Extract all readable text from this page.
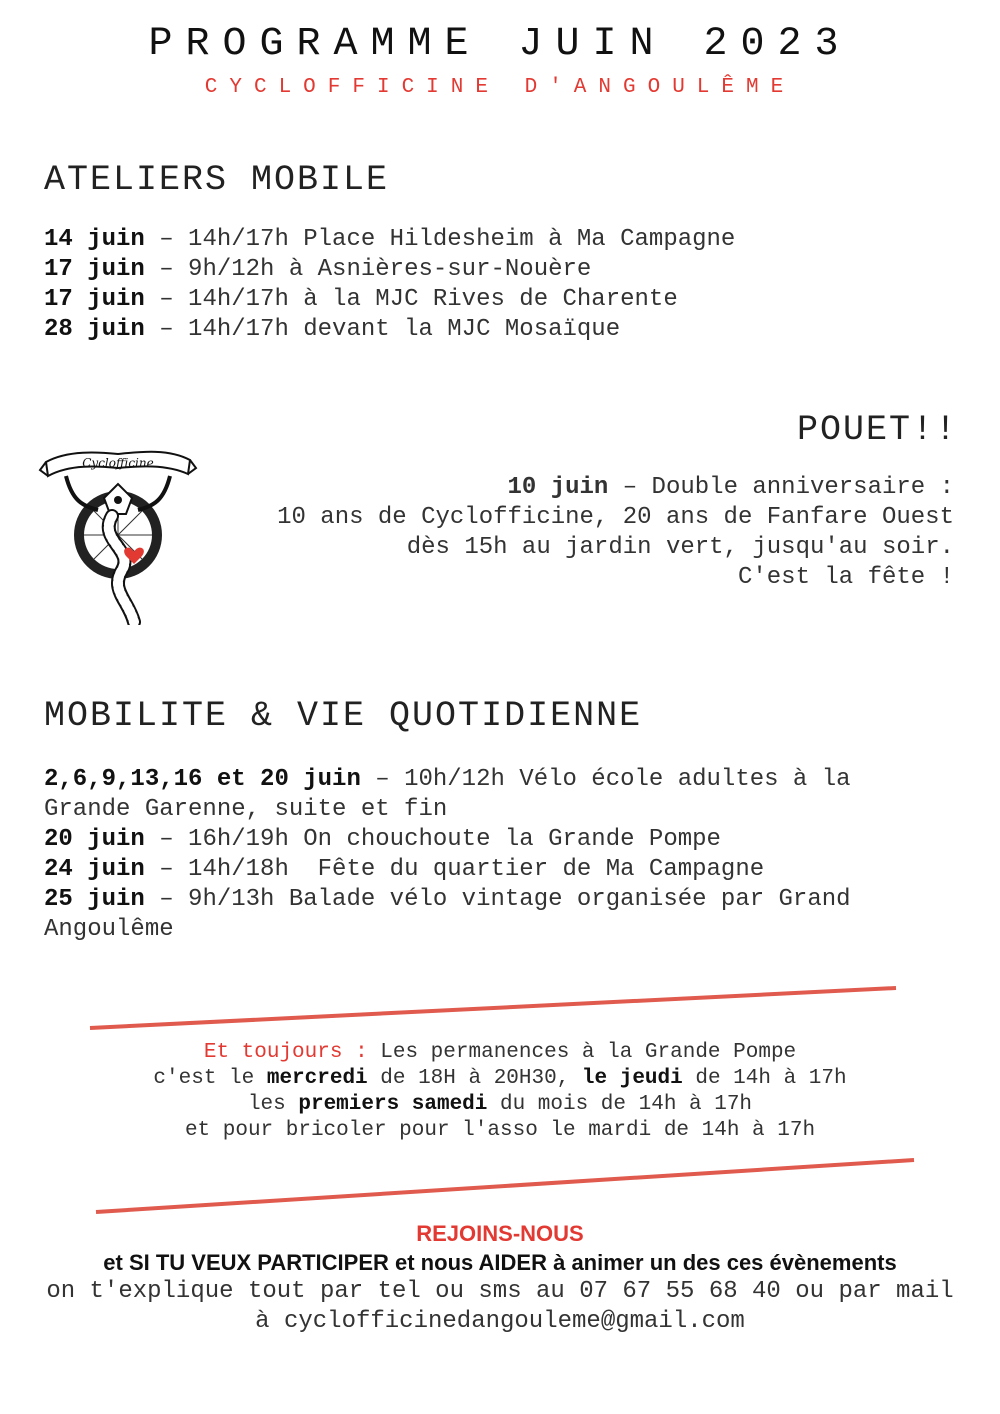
PROGRAMME JUIN 2023
CYCLOFFICINE D'ANGOULÊME
ATELIERS MOBILE
14 juin – 14h/17h Place Hildesheim à Ma Campagne
17 juin – 9h/12h à Asnières-sur-Nouère
17 juin – 14h/17h à la MJC Rives de Charente
28 juin – 14h/17h devant la MJC Mosaïque
POUET!!
Cyclofficine
10 juin – Double anniversaire :
10 ans de Cyclofficine, 20 ans de Fanfare Ouest
dès 15h au jardin vert, jusqu'au soir.
C'est la fête !
MOBILITE & VIE QUOTIDIENNE
2,6,9,13,16 et 20 juin – 10h/12h Vélo école adultes à la Grande Garenne, suite et fin
20 juin – 16h/19h On chouchoute la Grande Pompe
24 juin – 14h/18h  Fête du quartier de Ma Campagne
25 juin – 9h/13h Balade vélo vintage organisée par Grand Angoulême
Et toujours : Les permanences à la Grande Pompe
c'est le mercredi de 18H à 20H30, le jeudi de 14h à 17h
les premiers samedi du mois de 14h à 17h
et pour bricoler pour l'asso le mardi de 14h à 17h
REJOINS-NOUS
et SI TU VEUX PARTICIPER et nous AIDER à animer un des ces évènements
on t'explique tout par tel ou sms au 07 67 55 68 40 ou par mail à cyclofficinedangouleme@gmail.com
